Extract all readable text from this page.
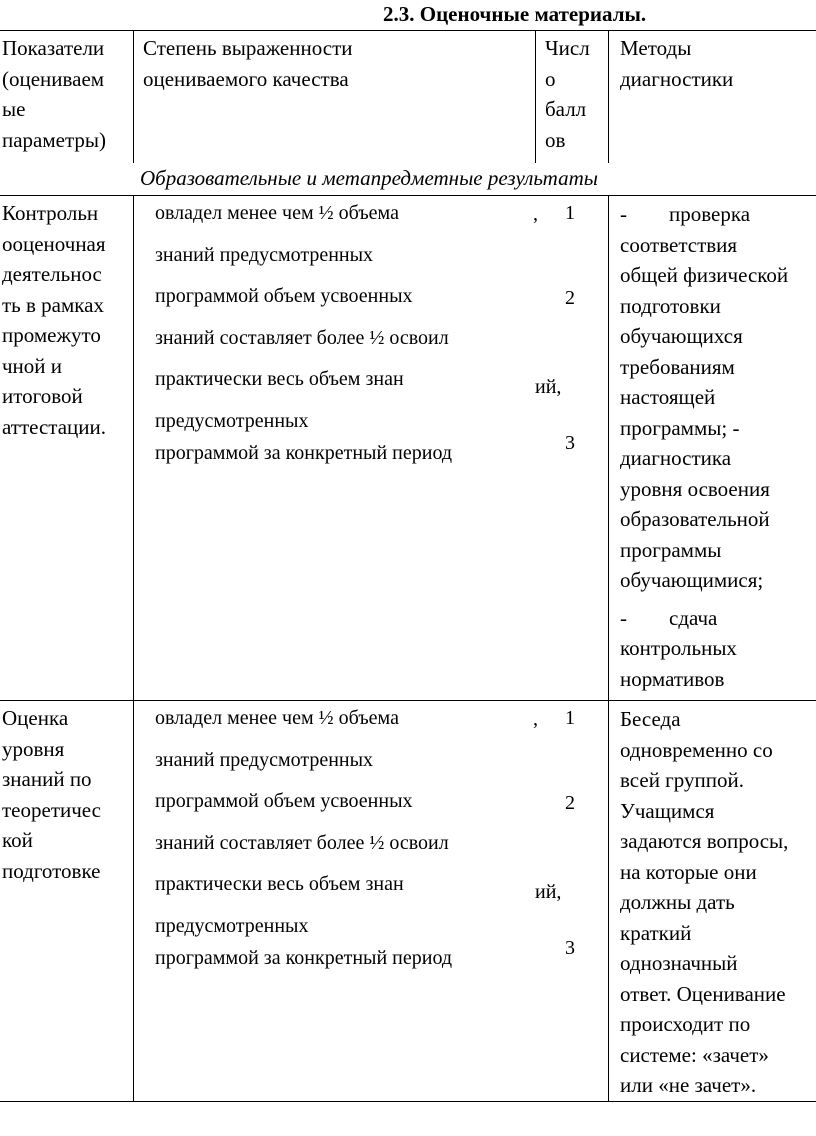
2.3. Оценочные материалы.
Показатели
(оцениваем
ые
параметры)
Степень выраженности
оцениваемого качества
Числ
о
балл
ов
Методы
диагностики
Образовательные и метапредметные результаты
Контрольн
ооценочная
деятельнос
ть в рамках
промежуто
чной и
итоговой
аттестации.
овладел менее чем ½ объема
знаний предусмотренных
программой объем усвоенных
знаний составляет более ½ освоил
практически весь объем знан
предусмотренных
программой за конкретный период
,
ий,
1
2
3
-        проверка
соответствия
общей физической
подготовки
обучающихся
требованиям
настоящей
программы; -
диагностика
уровня освоения
образовательной
программы
обучающимися;
-        сдача
контрольных
нормативов
Оценка
уровня
знаний по
теоретичес
кой
подготовке
овладел менее чем ½ объема
знаний предусмотренных
программой объем усвоенных
знаний составляет более ½ освоил
практически весь объем знан
предусмотренных
программой за конкретный период
,
ий,
1
2
3
Беседа
одновременно со
всей группой.
Учащимся
задаются вопросы,
на которые они
должны дать
краткий
однозначный
ответ. Оценивание
происходит по
системе: «зачет»
или «не зачет».
